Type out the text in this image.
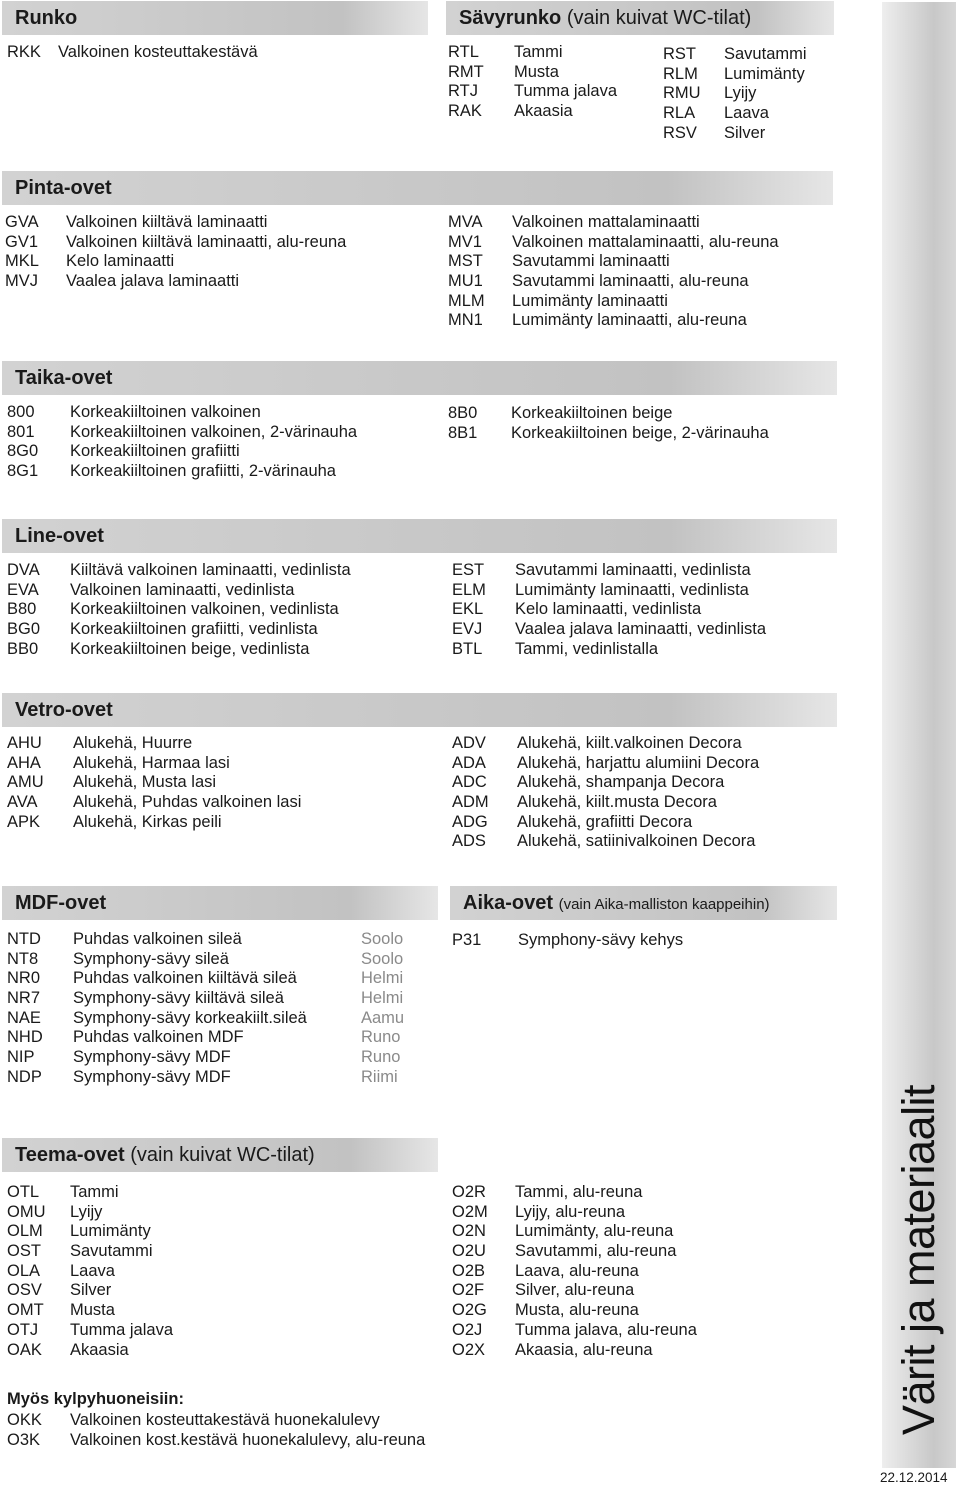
Runko
RKK Valkoinen kosteuttakestävä
Sävyrunko (vain kuivat WC-tilat)
RTL Tammi
RMT Musta
RTJ Tumma jalava
RAK Akaasia
RST Savutammi
RLM Lumimänty
RMU Lyijy
RLA Laava
RSV Silver
Pinta-ovet
GVA Valkoinen kiiltävä laminaatti
GV1 Valkoinen kiiltävä laminaatti, alu-reuna
MKL Kelo laminaatti
MVJ Vaalea jalava laminaatti
MVA Valkoinen mattalaminaatti
MV1 Valkoinen mattalaminaatti, alu-reuna
MST Savutammi laminaatti
MU1 Savutammi laminaatti, alu-reuna
MLM Lumimänty laminaatti
MN1 Lumimänty laminaatti, alu-reuna
Taika-ovet
800 Korkeakiiltoinen valkoinen
801 Korkeakiiltoinen valkoinen, 2-värinauha
8G0 Korkeakiiltoinen grafiitti
8G1 Korkeakiiltoinen grafiitti, 2-värinauha
8B0 Korkeakiiltoinen beige
8B1 Korkeakiiltoinen beige, 2-värinauha
Line-ovet
DVA Kiiltävä valkoinen laminaatti, vedinlista
EVA Valkoinen laminaatti, vedinlista
B80 Korkeakiiltoinen valkoinen, vedinlista
BG0 Korkeakiiltoinen grafiitti, vedinlista
BB0 Korkeakiiltoinen beige, vedinlista
EST Savutammi laminaatti, vedinlista
ELM Lumimänty laminaatti, vedinlista
EKL Kelo laminaatti, vedinlista
EVJ Vaalea jalava laminaatti, vedinlista
BTL Tammi, vedinlistalla
Vetro-ovet
AHU Alukehä, Huurre
AHA Alukehä, Harmaa lasi
AMU Alukehä, Musta lasi
AVA Alukehä, Puhdas valkoinen lasi
APK Alukehä, Kirkas peili
ADV Alukehä, kiilt.valkoinen Decora
ADA Alukehä, harjattu alumiini Decora
ADC Alukehä, shampanja Decora
ADM Alukehä, kiilt.musta Decora
ADG Alukehä, grafiitti Decora
ADS Alukehä, satiinivalkoinen Decora
MDF-ovet
NTD Puhdas valkoinen sileä	Soolo
NT8 Symphony-sävy sileä	Soolo
NR0 Puhdas valkoinen kiiltävä sileä	Helmi
NR7 Symphony-sävy kiiltävä sileä	Helmi
NAE Symphony-sävy korkeakiilt.sileä	Aamu
NHD Puhdas valkoinen MDF	Runo
NIP Symphony-sävy MDF	Runo
NDP Symphony-sävy MDF	Riimi
Aika-ovet (vain Aika-malliston kaappeihin)
P31 Symphony-sävy kehys
Teema-ovet (vain kuivat WC-tilat)
OTL Tammi
OMU Lyijy
OLM Lumimänty
OST Savutammi
OLA Laava
OSV Silver
OMT Musta
OTJ Tumma jalava
OAK Akaasia
O2R Tammi, alu-reuna
O2M Lyijy, alu-reuna
O2N Lumimänty, alu-reuna
O2U Savutammi, alu-reuna
O2B Laava, alu-reuna
O2F Silver, alu-reuna
O2G Musta, alu-reuna
O2J Tumma jalava, alu-reuna
O2X Akaasia, alu-reuna
Myös kylpyhuoneisiin:
OKK Valkoinen kosteuttakestävä huonekalulevy
O3K Valkoinen kost.kestävä huonekalulevy, alu-reuna
Värit ja materiaalit
22.12.2014
